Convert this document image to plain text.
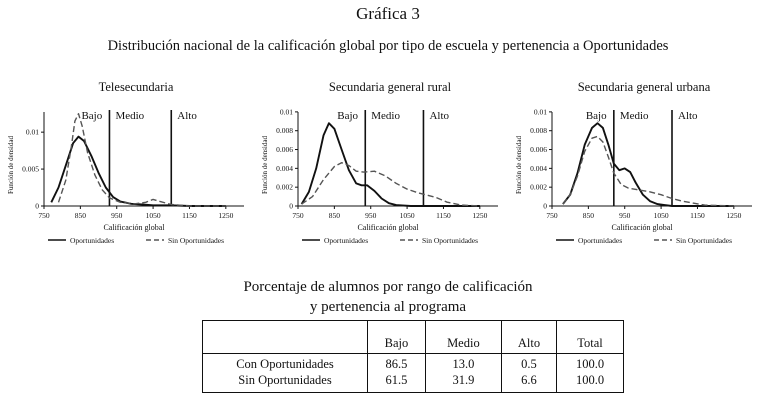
Gráfica 3
Distribución nacional de la calificación global por tipo de escuela y pertenencia a Oportunidades
Telesecundaria
0
0.005
0.01
750	850	950	1050	1150	1250
Calificación global
Función de densidad
Bajo Medio	Alto
Oportunidades	Sin Oportunidades
Secundaria general rural
0
0.002
0.004
0.006
0.008
0.01
750	850	950	1050	1150	1250
Calificación global
Función de densidad
Bajo Medio	Alto
Oportunidades	Sin Oportunidades
Secundaria general urbana
0
0.002
0.004
0.006
0.008
0.01
750	850	950	1050	1150	1250
Calificación global
Función de densidad
Bajo Medio	Alto
Oportunidades	Sin Oportunidades
Porcentaje de alumnos por rango de calificación
y pertenencia al programa
	Bajo	Medio	Alto	Total
Con Oportunidades	86.5	13.0	0.5	100.0
Sin Oportunidades	61.5	31.9	6.6	100.0
